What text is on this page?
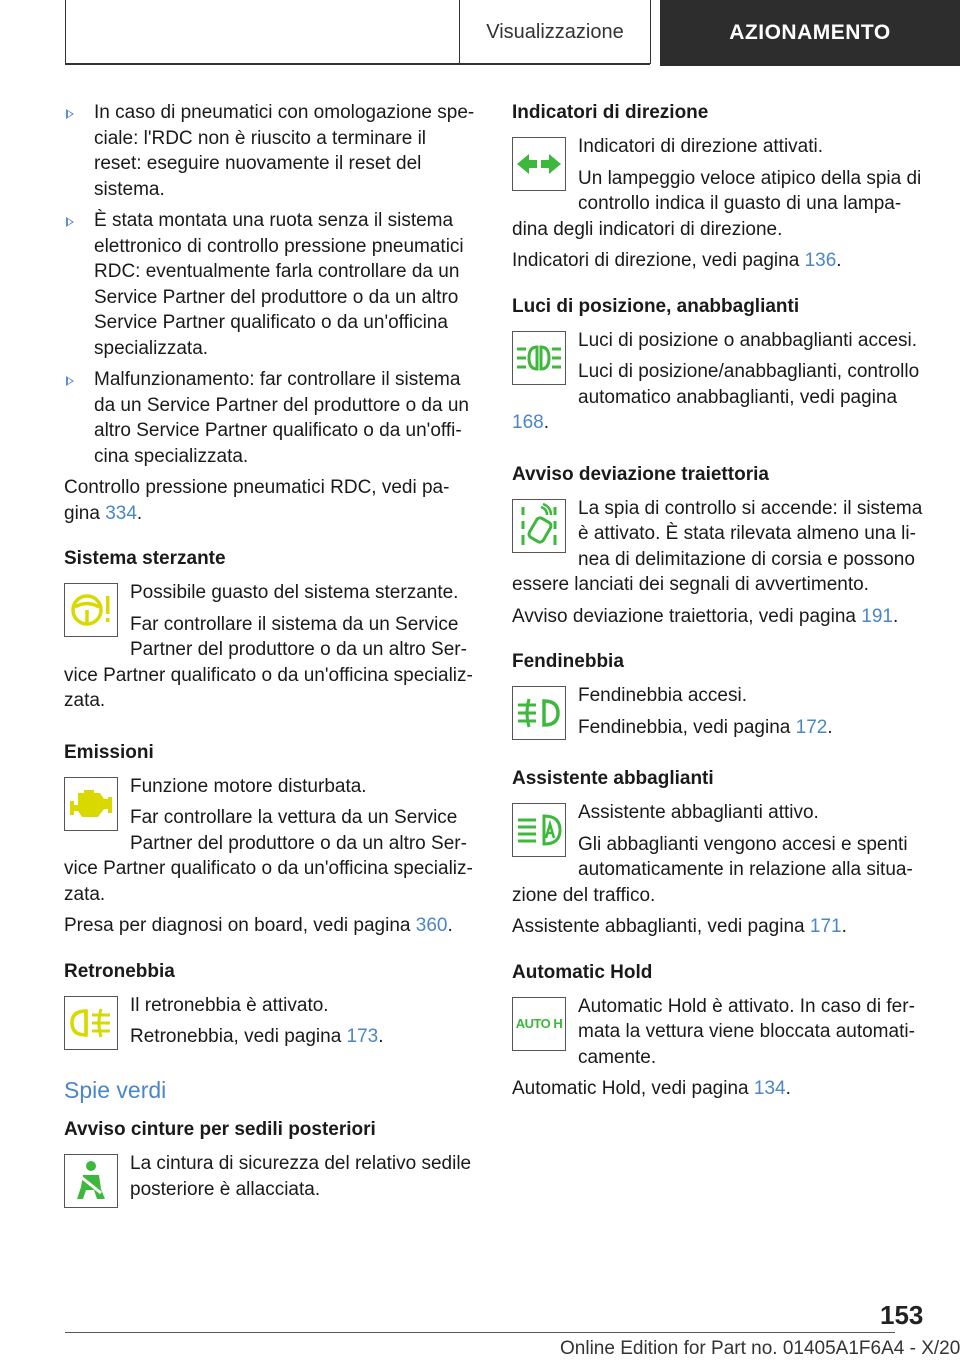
Visualizzazione	AZIONAMENTO
In caso di pneumatici con omologazione speciale: l'RDC non è riuscito a terminare il reset: eseguire nuovamente il reset del sistema.
È stata montata una ruota senza il sistema elettronico di controllo pressione pneumatici RDC: eventualmente farla controllare da un Service Partner del produttore o da un altro Service Partner qualificato o da un'officina specializzata.
Malfunzionamento: far controllare il sistema da un Service Partner del produttore o da un altro Service Partner qualificato o da un'officina specializzata.

Controllo pressione pneumatici RDC, vedi pagina 334.

Sistema sterzante

Possibile guasto del sistema sterzante.

Far controllare il sistema da un Service Partner del produttore o da un altro Service Partner qualificato o da un'officina specializzata.

Emissioni

Funzione motore disturbata.

Far controllare la vettura da un Service Partner del produttore o da un altro Service Partner qualificato o da un'officina specializzata.

Presa per diagnosi on board, vedi pagina 360.

Retronebbia

Il retronebbia è attivato.

Retronebbia, vedi pagina 173.

Spie verdi
Avviso cinture per sedili posteriori

La cintura di sicurezza del relativo sedile posteriore è allacciata.

Indicatori di direzione

Indicatori di direzione attivati.

Un lampeggio veloce atipico della spia di controllo indica il guasto di una lampadina degli indicatori di direzione.

Indicatori di direzione, vedi pagina 136.

Luci di posizione, anabbaglianti

Luci di posizione o anabbaglianti accesi.

Luci di posizione/anabbaglianti, controllo automatico anabbaglianti, vedi pagina 168.

Avviso deviazione traiettoria

La spia di controllo si accende: il sistema è attivato. È stata rilevata almeno una linea di delimitazione di corsia e possono essere lanciati dei segnali di avvertimento.

Avviso deviazione traiettoria, vedi pagina 191.

Fendinebbia

Fendinebbia accesi.

Fendinebbia, vedi pagina 172.

Assistente abbaglianti

Assistente abbaglianti attivo.

Gli abbaglianti vengono accesi e spenti automaticamente in relazione alla situazione del traffico.

Assistente abbaglianti, vedi pagina 171.

Automatic Hold
AUTO H

Automatic Hold è attivato. In caso di fermata la vettura viene bloccata automaticamente.

Automatic Hold, vedi pagina 134.

153
Online Edition for Part no. 01405A1F6A4 - X/20
